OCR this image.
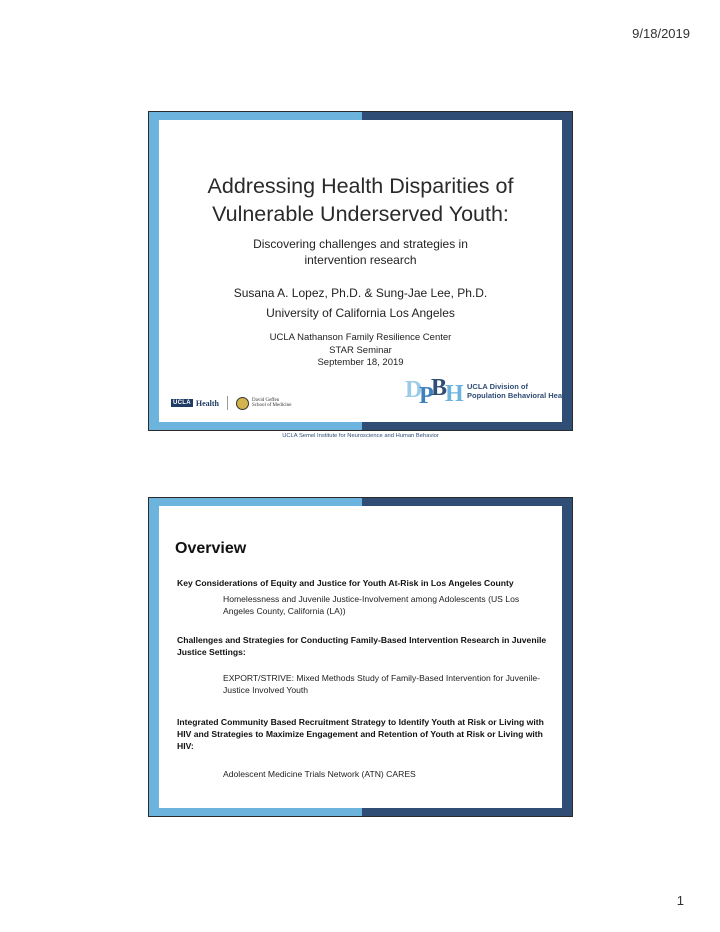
9/18/2019
Addressing Health Disparities of
Vulnerable Underserved Youth:
Discovering challenges and strategies in
intervention research
Susana A. Lopez, Ph.D. & Sung-Jae Lee, Ph.D.
University of California Los Angeles
UCLA Nathanson Family Resilience Center
STAR Seminar
September 18, 2019
UCLA Health	David Geffen
School of Medicine
D
P
B
H UCLA Division of
Population Behavioral Health
UCLA Semel Institute for Neuroscience and Human Behavior
Overview
Key Considerations of Equity and Justice for Youth At-Risk in Los Angeles County
Homelessness and Juvenile Justice-Involvement among Adolescents (US Los Angeles County, California (LA))
Challenges and Strategies for Conducting Family-Based Intervention Research in Juvenile Justice Settings:
EXPORT/STRIVE: Mixed Methods Study of Family-Based Intervention for Juvenile-Justice Involved Youth
Integrated Community Based Recruitment Strategy to Identify Youth at Risk or Living with HIV and Strategies to Maximize Engagement and Retention of Youth at Risk or Living with HIV:
Adolescent Medicine Trials Network (ATN) CARES
1
